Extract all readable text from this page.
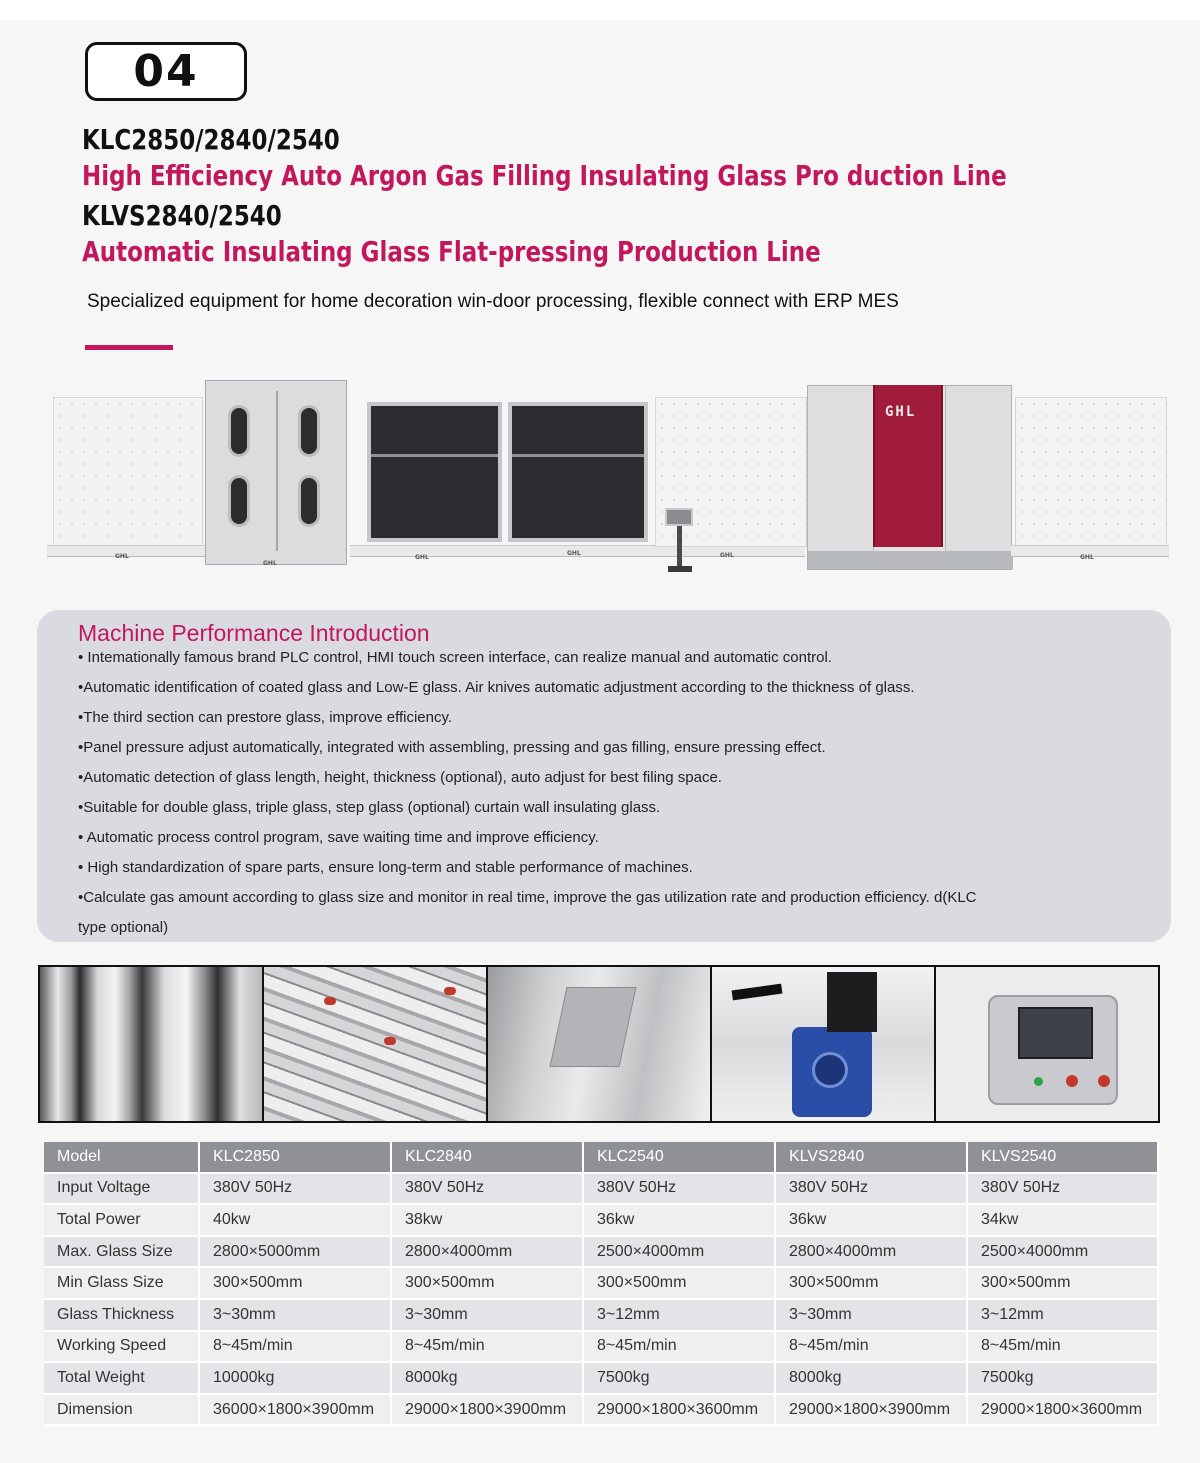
04
KLC2850/2840/2540
High Efficiency Auto Argon Gas Filling Insulating Glass Pro duction Line
KLVS2840/2540
Automatic Insulating Glass Flat-pressing Production Line
Specialized equipment for home decoration win-door processing, flexible connect with ERP MES
GHL
GHL
GHL
GHL	GHL
GHL
GHL
Machine Performance Introduction
• Intemationally famous brand PLC control, HMI touch screen interface, can realize manual and automatic control.
•Automatic identification of coated glass and Low-E glass. Air knives automatic adjustment according to the thickness of glass.
•The third section can prestore glass, improve efficiency.
•Panel pressure adjust automatically, integrated with assembling, pressing and gas filling, ensure pressing effect.
•Automatic detection of glass length, height, thickness (optional), auto adjust for best filing space.
•Suitable for double glass, triple glass, step glass (optional) curtain wall insulating glass.
• Automatic process control program, save waiting time and improve efficiency.
• High standardization of spare parts, ensure long-term and stable performance of machines.
•Calculate gas amount according to glass size and monitor in real time, improve the gas utilization rate and production efficiency. d(KLC
type optional)
Model	KLC2850	KLC2840	KLC2540	KLVS2840	KLVS2540
Input Voltage	380V 50Hz	380V 50Hz	380V 50Hz	380V 50Hz	380V 50Hz
Total Power	40kw	38kw	36kw	36kw	34kw
Max. Glass Size	2800×5000mm	2800×4000mm	2500×4000mm	2800×4000mm	2500×4000mm
Min Glass Size	300×500mm	300×500mm	300×500mm	300×500mm	300×500mm
Glass Thickness	3~30mm	3~30mm	3~12mm	3~30mm	3~12mm
Working Speed	8~45m/min	8~45m/min	8~45m/min	8~45m/min	8~45m/min
Total Weight	10000kg	8000kg	7500kg	8000kg	7500kg
Dimension	36000×1800×3900mm	29000×1800×3900mm	29000×1800×3600mm	29000×1800×3900mm	29000×1800×3600mm
